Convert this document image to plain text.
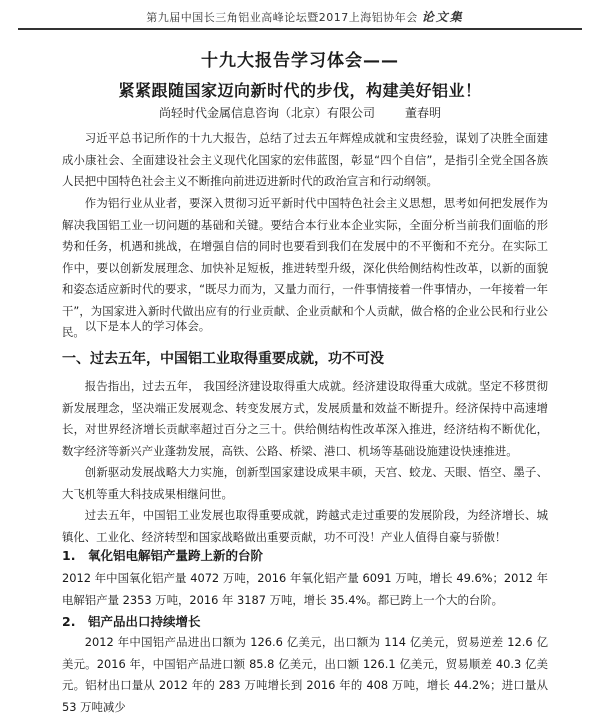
第九届中国长三角铝业高峰论坛暨2017上海铝协年会 论文集
十九大报告学习体会——
紧紧跟随国家迈向新时代的步伐，构建美好铝业！
尚轻时代金属信息咨询（北京）有限公司	董春明

习近平总书记所作的十九大报告，总结了过去五年辉煌成就和宝贵经验，谋划了决胜全面建成小康社会、全面建设社会主义现代化国家的宏伟蓝图，彰显“四个自信”，是指引全党全国各族人民把中国特色社会主义不断推向前进迈进新时代的政治宣言和行动纲领。

作为铝行业从业者，要深入贯彻习近平新时代中国特色社会主义思想，思考如何把发展作为解决我国铝工业一切问题的基础和关键。要结合本行业本企业实际，全面分析当前我们面临的形势和任务，机遇和挑战，在增强自信的同时也要看到我们在发展中的不平衡和不充分。在实际工作中，要以创新发展理念、加快补足短板，推进转型升级，深化供给侧结构性改革，以新的面貌和姿态适应新时代的要求，“既尽力而为，又量力而行，一件事情接着一件事情办，一年接着一年干”，为国家进入新时代做出应有的行业贡献、企业贡献和个人贡献，做合格的企业公民和行业公民。 以下是本人的学习体会。

一、过去五年，中国铝工业取得重要成就，功不可没

报告指出，过去五年， 我国经济建设取得重大成就。经济建设取得重大成就。坚定不移贯彻新发展理念，坚决端正发展观念、转变发展方式，发展质量和效益不断提升。经济保持中高速增长，对世界经济增长贡献率超过百分之三十。供给侧结构性改革深入推进，经济结构不断优化，数字经济等新兴产业蓬勃发展，高铁、公路、桥梁、港口、机场等基础设施建设快速推进。

创新驱动发展战略大力实施，创新型国家建设成果丰硕，天宫、蛟龙、天眼、悟空、墨子、大飞机等重大科技成果相继问世。

过去五年，中国铝工业发展也取得重要成就，跨越式走过重要的发展阶段，为经济增长、城镇化、工业化、经济转型和国家战略做出重要贡献，功不可没！产业人值得自豪与骄傲！

1. 氧化铝电解铝产量跨上新的台阶

2012 年中国氧化铝产量 4072 万吨，2016 年氧化铝产量 6091 万吨，增长 49.6%；2012 年电解铝产量 2353 万吨，2016 年 3187 万吨，增长 35.4%。都已跨上一个大的台阶。

2. 铝产品出口持续增长

2012 年中国铝产品进出口额为 126.6 亿美元，出口额为 114 亿美元，贸易逆差 12.6 亿美元。2016 年，中国铝产品进口额 85.8 亿美元，出口额 126.1 亿美元，贸易顺差 40.3 亿美元。铝材出口量从 2012 年的 283 万吨增长到 2016 年的 408 万吨，增长 44.2%；进口量从 53 万吨减少
